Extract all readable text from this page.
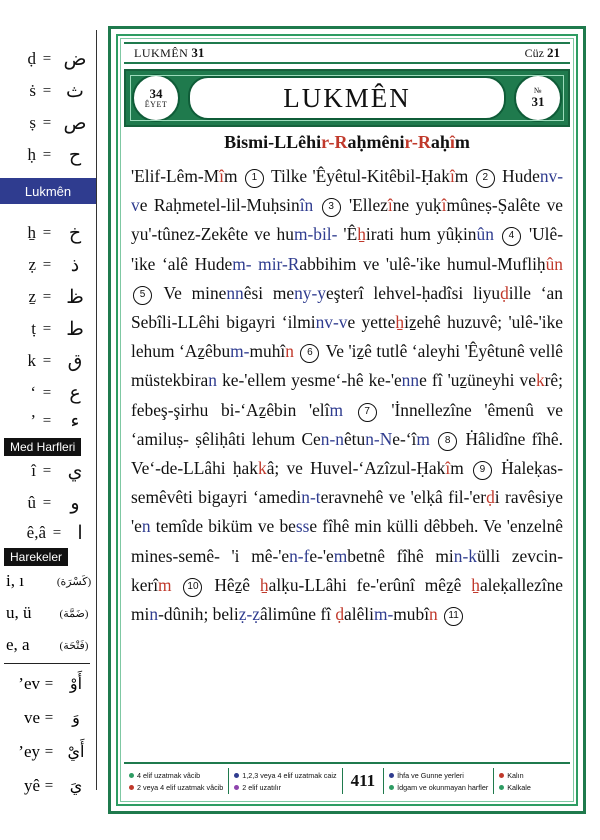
ḍ = ض
ṡ = ث
ṣ = ص
ḥ = ح
Lukmên
ẖ = خ
ẓ =	ذ
ẕ = ظ
ṭ = ط
k = ق
‘ = ع
’ =	ء
Med Harfleri
î = ي
û =	و
ê,â = ا
Harekeler
i, ı	(كَسْرَة)
u, ü	(ضَمَّة)
e, a	(فَتْحَة)
’ev =	أَوْ
ve =	وَ
’ey = أَيْ
yê =	يَ
LUKMÊN 31	Cüz 21
34
ÊYET	LUKMÊN	№
31
Bismi-LLêhir-Raḥmênir-Raḥîm
'Elif-Lêm-Mîm 1 Tilke 'Êyêtul-Kitêbil-Ḥakîm 2 Hudenv-ve Raḥmetel-lil-Muḥsinîn 3 'Ellezîne yuḳîmûneṣ-Ṣalête ve yu'-tûnez-Zekête ve hum-bil- 'Êẖirati hum yûḳinûn 4 'Ulê-'ike ‘alê Hudem- mir-Rabbihim ve 'ulê-'ike humul-Mufliḥûn 5 Ve minennêsi meny-yeşterî lehvel-ḥadîsi liyuḍille ‘an Sebîli-LLêhi bigayri ‘ilminv-ve yetteẖiẕehê huzuvê; 'ulê-'ike lehum ‘Aẕêbum-muhîn 6 Ve 'iẕê tutlê ‘aleyhi 'Êyêtunê vellê müstekbiran ke-'ellem yesme‘-hê ke-'enne fî 'uẕüneyhi vekrê; febeş-şirhu bi-‘Aẕêbin 'elîm 7 'İnnellezîne 'êmenû ve ‘amiluṣ- ṣêliḥâti lehum Cen-nêtun-Ne-‘îm 8 Ḣâlidîne fîhê. Ve‘-de-LLâhi ḥakkâ; ve Huvel-‘Azîzul-Ḥakîm 9 Ḣaleḳas-semêvêti bigayri ‘amedin-teravnehê ve 'elḳâ fil-'erḍi ravêsiye 'en temîde biküm ve besse fîhê min külli dêbbeh. Ve 'enzelnê mines-semê- 'i mê-'en-fe-'embetnê fîhê min-külli zevcin-kerîm 10 Hêẕê ẖalḳu-LLâhi fe-'erûnî mêẕê ẖaleḳallezîne min-dûnih; beliẓ-ẓâlimûne fî ḍalêlim-mubîn 11
4 elif uzatmak vâcib
2 veya 4 elif uzatmak vâcib
1,2,3 veya 4 elif uzatmak caiz
2 elif uzatılır	411	İhfa ve Gunne yerleri
İdgam ve okunmayan harfler
Kalın
Kalkale
